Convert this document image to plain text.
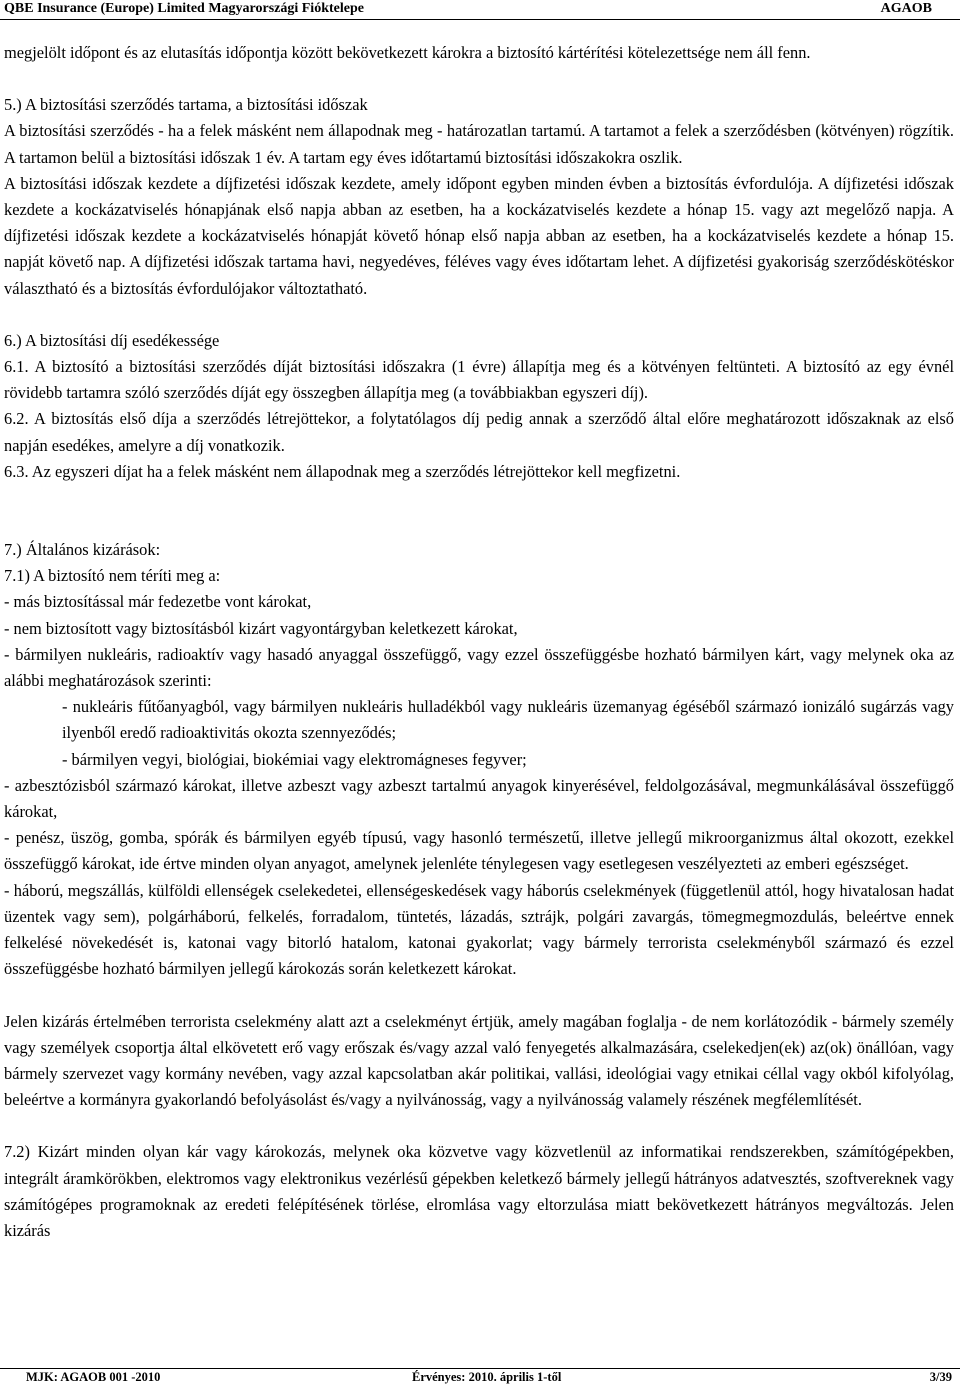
QBE Insurance (Europe) Limited Magyarországi Fióktelepe	AGAOB

megjelölt időpont és az elutasítás időpontja között bekövetkezett károkra a biztosító kártérítési kötelezettsége nem áll fenn.

5.) A biztosítási szerződés tartama, a biztosítási időszak

A biztosítási szerződés - ha a felek másként nem állapodnak meg - határozatlan tartamú. A tartamot a felek a szerződésben (kötvényen) rögzítik. A tartamon belül a biztosítási időszak 1 év. A tartam egy éves időtartamú biztosítási időszakokra oszlik.

A biztosítási időszak kezdete a díjfizetési időszak kezdete, amely időpont egyben minden évben a biztosítás évfordulója. A díjfizetési időszak kezdete a kockázatviselés hónapjának első napja abban az esetben, ha a kockázatviselés kezdete a hónap 15. vagy azt megelőző napja. A díjfizetési időszak kezdete a kockázatviselés hónapját követő hónap első napja abban az esetben, ha a kockázatviselés kezdete a hónap 15. napját követő nap. A díjfizetési időszak tartama havi, negyedéves, féléves vagy éves időtartam lehet. A díjfizetési gyakoriság szerződéskötéskor választható és a biztosítás évfordulójakor változtatható.

6.) A biztosítási díj esedékessége

6.1. A biztosító a biztosítási szerződés díját biztosítási időszakra (1 évre) állapítja meg és a kötvényen feltünteti. A biztosító az egy évnél rövidebb tartamra szóló szerződés díját egy összegben állapítja meg (a továbbiakban egyszeri díj).

6.2. A biztosítás első díja a szerződés létrejöttekor, a folytatólagos díj pedig annak a szerződő által előre meghatározott időszaknak az első napján esedékes, amelyre a díj vonatkozik.

6.3. Az egyszeri díjat ha a felek másként nem állapodnak meg a szerződés létrejöttekor kell megfizetni.

7.) Általános kizárások:

7.1) A biztosító nem téríti meg a:

- más biztosítással már fedezetbe vont károkat,

- nem biztosított vagy biztosításból kizárt vagyontárgyban keletkezett károkat,

- bármilyen nukleáris, radioaktív vagy hasadó anyaggal összefüggő, vagy ezzel összefüggésbe hozható bármilyen kárt, vagy melynek oka az alábbi meghatározások szerinti:

- nukleáris fűtőanyagból, vagy bármilyen nukleáris hulladékból vagy nukleáris üzemanyag égéséből származó ionizáló sugárzás vagy ilyenből eredő radioaktivitás okozta szennyeződés;

- bármilyen vegyi, biológiai, biokémiai vagy elektromágneses fegyver;

- azbesztózisból származó károkat, illetve azbeszt vagy azbeszt tartalmú anyagok kinyerésével, feldolgozásával, megmunkálásával összefüggő károkat,

- penész, üszög, gomba, spórák és bármilyen egyéb típusú, vagy hasonló természetű, illetve jellegű mikroorganizmus által okozott, ezekkel összefüggő károkat, ide értve minden olyan anyagot, amelynek jelenléte ténylegesen vagy esetlegesen veszélyezteti az emberi egészséget.

- háború, megszállás, külföldi ellenségek cselekedetei, ellenségeskedések vagy háborús cselekmények (függetlenül attól, hogy hivatalosan hadat üzentek vagy sem), polgárháború, felkelés, forradalom, tüntetés, lázadás, sztrájk, polgári zavargás, tömegmegmozdulás, beleértve ennek felkelésé növekedését is, katonai vagy bitorló hatalom, katonai gyakorlat; vagy bármely terrorista cselekményből származó és ezzel összefüggésbe hozható bármilyen jellegű károkozás során keletkezett károkat.

Jelen kizárás értelmében terrorista cselekmény alatt azt a cselekményt értjük, amely magában foglalja - de nem korlátozódik - bármely személy vagy személyek csoportja által elkövetett erő vagy erőszak és/vagy azzal való fenyegetés alkalmazására, cselekedjen(ek) az(ok) önállóan, vagy bármely szervezet vagy kormány nevében, vagy azzal kapcsolatban akár politikai, vallási, ideológiai vagy etnikai céllal vagy okból kifolyólag, beleértve a kormányra gyakorlandó befolyásolást és/vagy a nyilvánosság, vagy a nyilvánosság valamely részének megfélemlítését.

7.2) Kizárt minden olyan kár vagy károkozás, melynek oka közvetve vagy közvetlenül az informatikai rendszerekben, számítógépekben, integrált áramkörökben, elektromos vagy elektronikus vezérlésű gépekben keletkező bármely jellegű hátrányos adatvesztés, szoftvereknek vagy számítógépes programoknak az eredeti felépítésének törlése, elromlása vagy eltorzulása miatt bekövetkezett hátrányos megváltozás. Jelen kizárás

MJK: AGAOB 001 -2010	Érvényes: 2010. április 1-től	3/39
